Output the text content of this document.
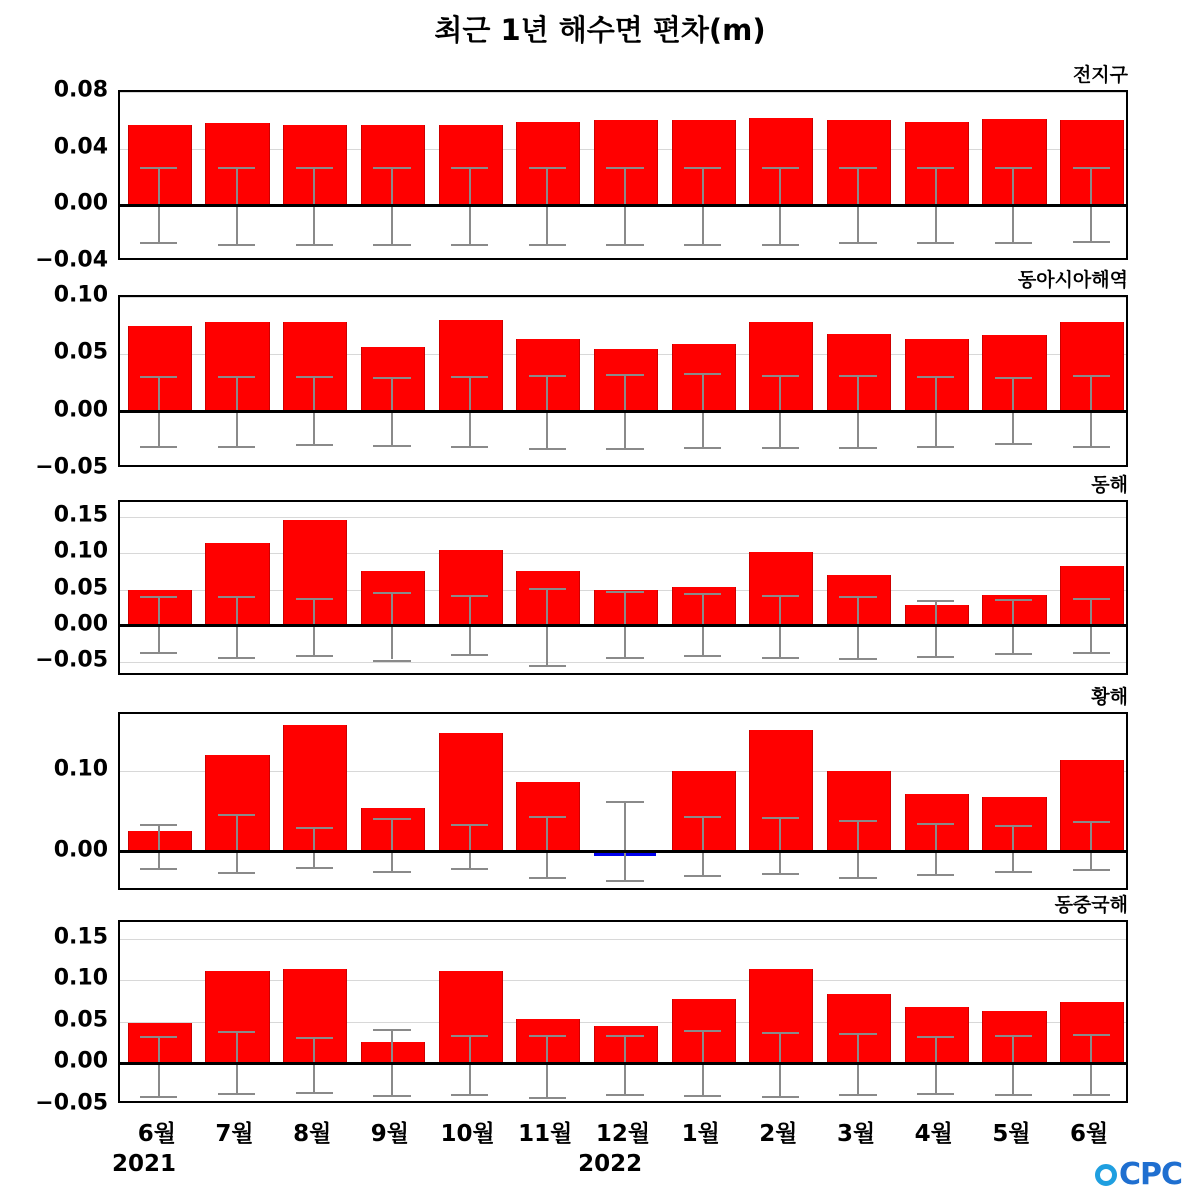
최근 1년 해수면 편차(m)
전지구
−0.04
0.00
0.04
0.08
동아시아해역
−0.05
0.00
0.05
0.10
동해
−0.05
0.00
0.05
0.10
0.15
황해
0.00
0.10
동중국해
−0.05
0.00
0.05
0.10
0.15
6월 7월 8월 9월 10월 11월 12월 1월 2월 3월 4월 5월 6월
2021	2022	CPC
